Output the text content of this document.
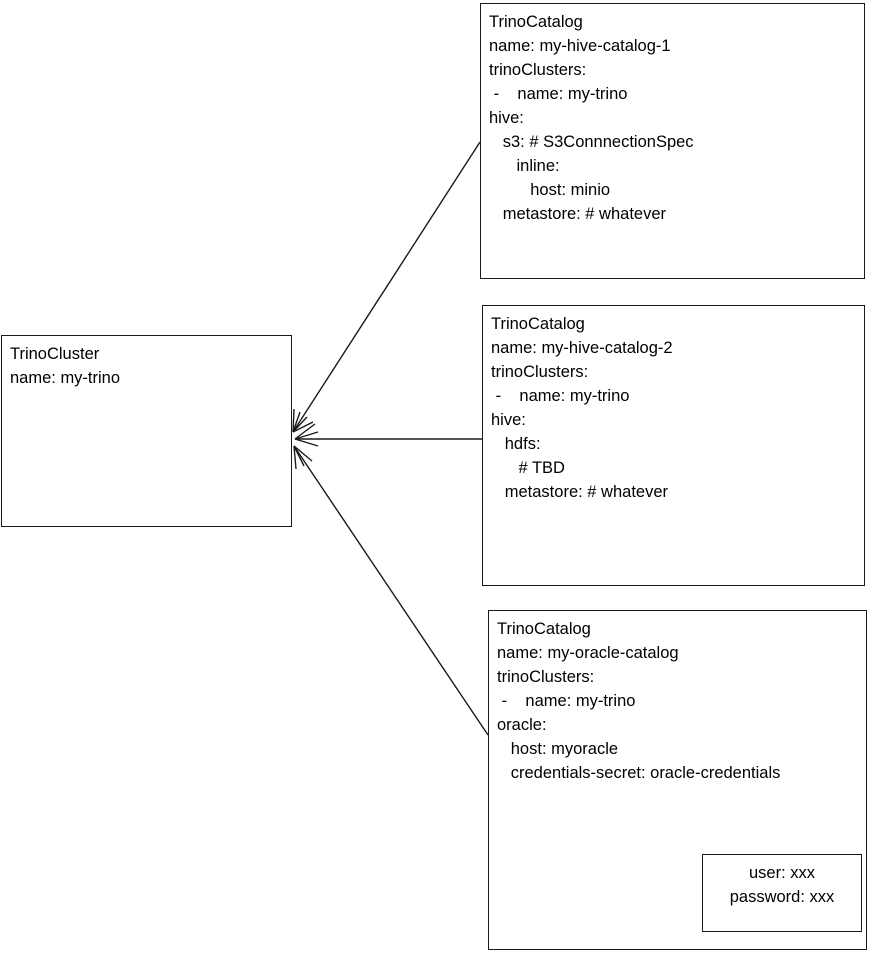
TrinoCluster
name: my-trino
TrinoCatalog
name: my-hive-catalog-1
trinoClusters:
-    name: my-trino
hive:
s3: # S3ConnnectionSpec
inline:
host: minio
metastore: # whatever
TrinoCatalog
name: my-hive-catalog-2
trinoClusters:
-    name: my-trino
hive:
hdfs:
# TBD
metastore: # whatever
TrinoCatalog
name: my-oracle-catalog
trinoClusters:
-    name: my-trino
oracle:
host: myoracle
credentials-secret: oracle-credentials
user: xxx
password: xxx
